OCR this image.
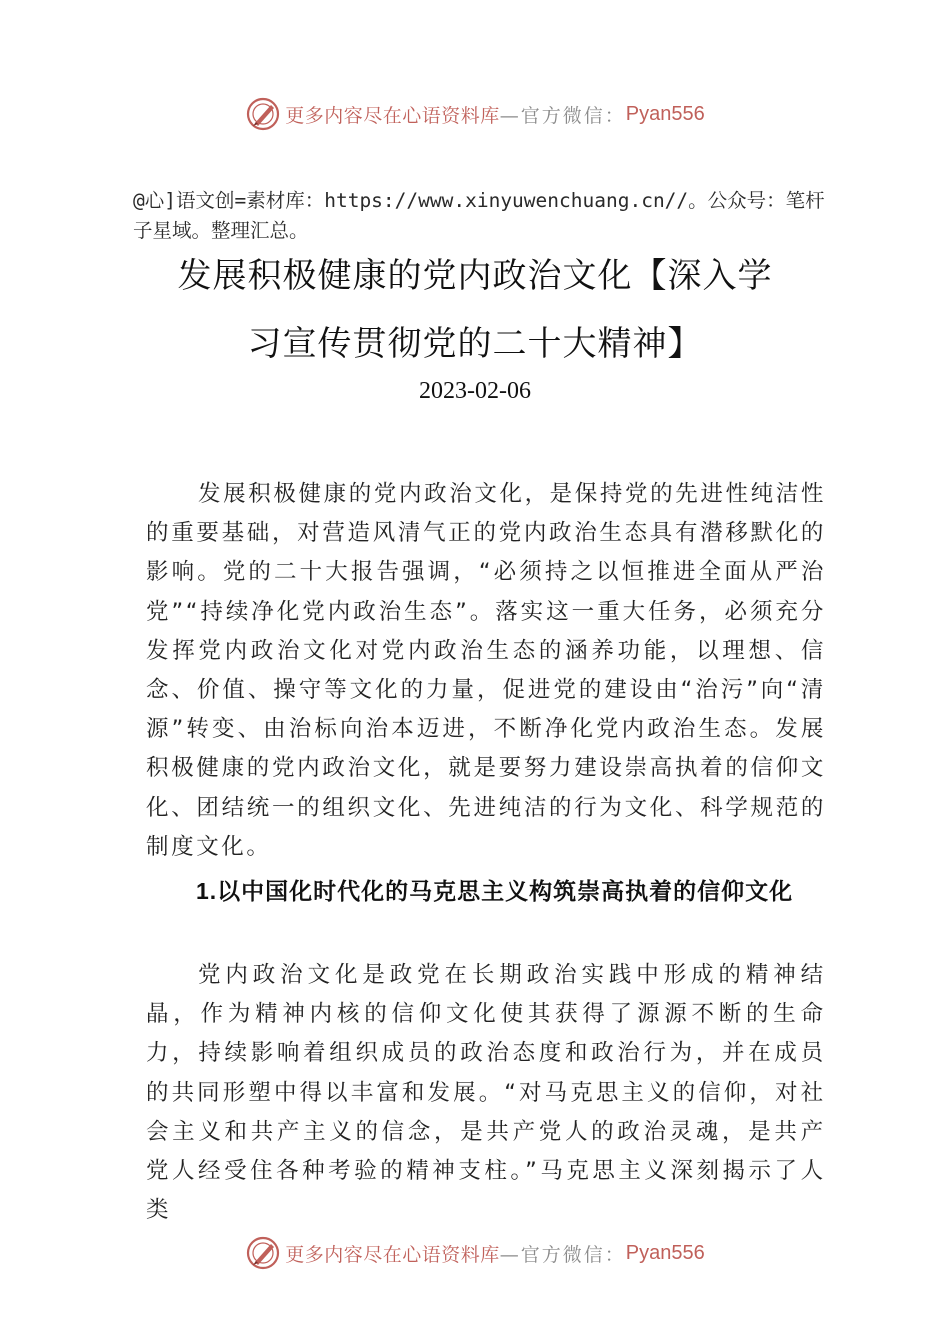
更多内容尽在心语资料库 —官方微信： Pyan556
@心]语文创=素材库：https://www.xinyuwenchuang.cn//。公众号：笔杆子星域。整理汇总。
发展积极健康的党内政治文化【深入学
习宣传贯彻党的二十大精神】
2023-02-06
发展积极健康的党内政治文化，是保持党的先进性纯洁性的重要基础，对营造风清气正的党内政治生态具有潜移默化的影响。党的二十大报告强调，“必须持之以恒推进全面从严治党”“持续净化党内政治生态”。落实这一重大任务，必须充分发挥党内政治文化对党内政治生态的涵养功能，以理想、信念、价值、操守等文化的力量，促进党的建设由“治污”向“清源”转变、由治标向治本迈进，不断净化党内政治生态。发展积极健康的党内政治文化，就是要努力建设崇高执着的信仰文化、团结统一的组织文化、先进纯洁的行为文化、科学规范的制度文化。
1.以中国化时代化的马克思主义构筑崇高执着的信仰文化
党内政治文化是政党在长期政治实践中形成的精神结晶，作为精神内核的信仰文化使其获得了源源不断的生命力，持续影响着组织成员的政治态度和政治行为，并在成员的共同形塑中得以丰富和发展。“对马克思主义的信仰，对社会主义和共产主义的信念，是共产党人的政治灵魂，是共产党人经受住各种考验的精神支柱。”马克思主义深刻揭示了人类
更多内容尽在心语资料库 —官方微信： Pyan556
